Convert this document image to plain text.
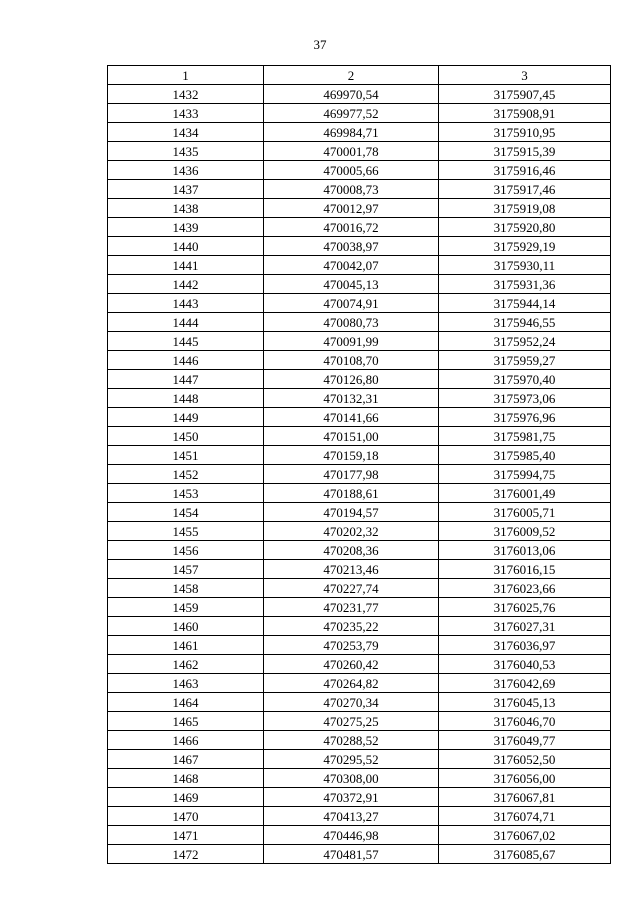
37
1	2	3
1432	469970,54	3175907,45
1433	469977,52	3175908,91
1434	469984,71	3175910,95
1435	470001,78	3175915,39
1436	470005,66	3175916,46
1437	470008,73	3175917,46
1438	470012,97	3175919,08
1439	470016,72	3175920,80
1440	470038,97	3175929,19
1441	470042,07	3175930,11
1442	470045,13	3175931,36
1443	470074,91	3175944,14
1444	470080,73	3175946,55
1445	470091,99	3175952,24
1446	470108,70	3175959,27
1447	470126,80	3175970,40
1448	470132,31	3175973,06
1449	470141,66	3175976,96
1450	470151,00	3175981,75
1451	470159,18	3175985,40
1452	470177,98	3175994,75
1453	470188,61	3176001,49
1454	470194,57	3176005,71
1455	470202,32	3176009,52
1456	470208,36	3176013,06
1457	470213,46	3176016,15
1458	470227,74	3176023,66
1459	470231,77	3176025,76
1460	470235,22	3176027,31
1461	470253,79	3176036,97
1462	470260,42	3176040,53
1463	470264,82	3176042,69
1464	470270,34	3176045,13
1465	470275,25	3176046,70
1466	470288,52	3176049,77
1467	470295,52	3176052,50
1468	470308,00	3176056,00
1469	470372,91	3176067,81
1470	470413,27	3176074,71
1471	470446,98	3176067,02
1472	470481,57	3176085,67
